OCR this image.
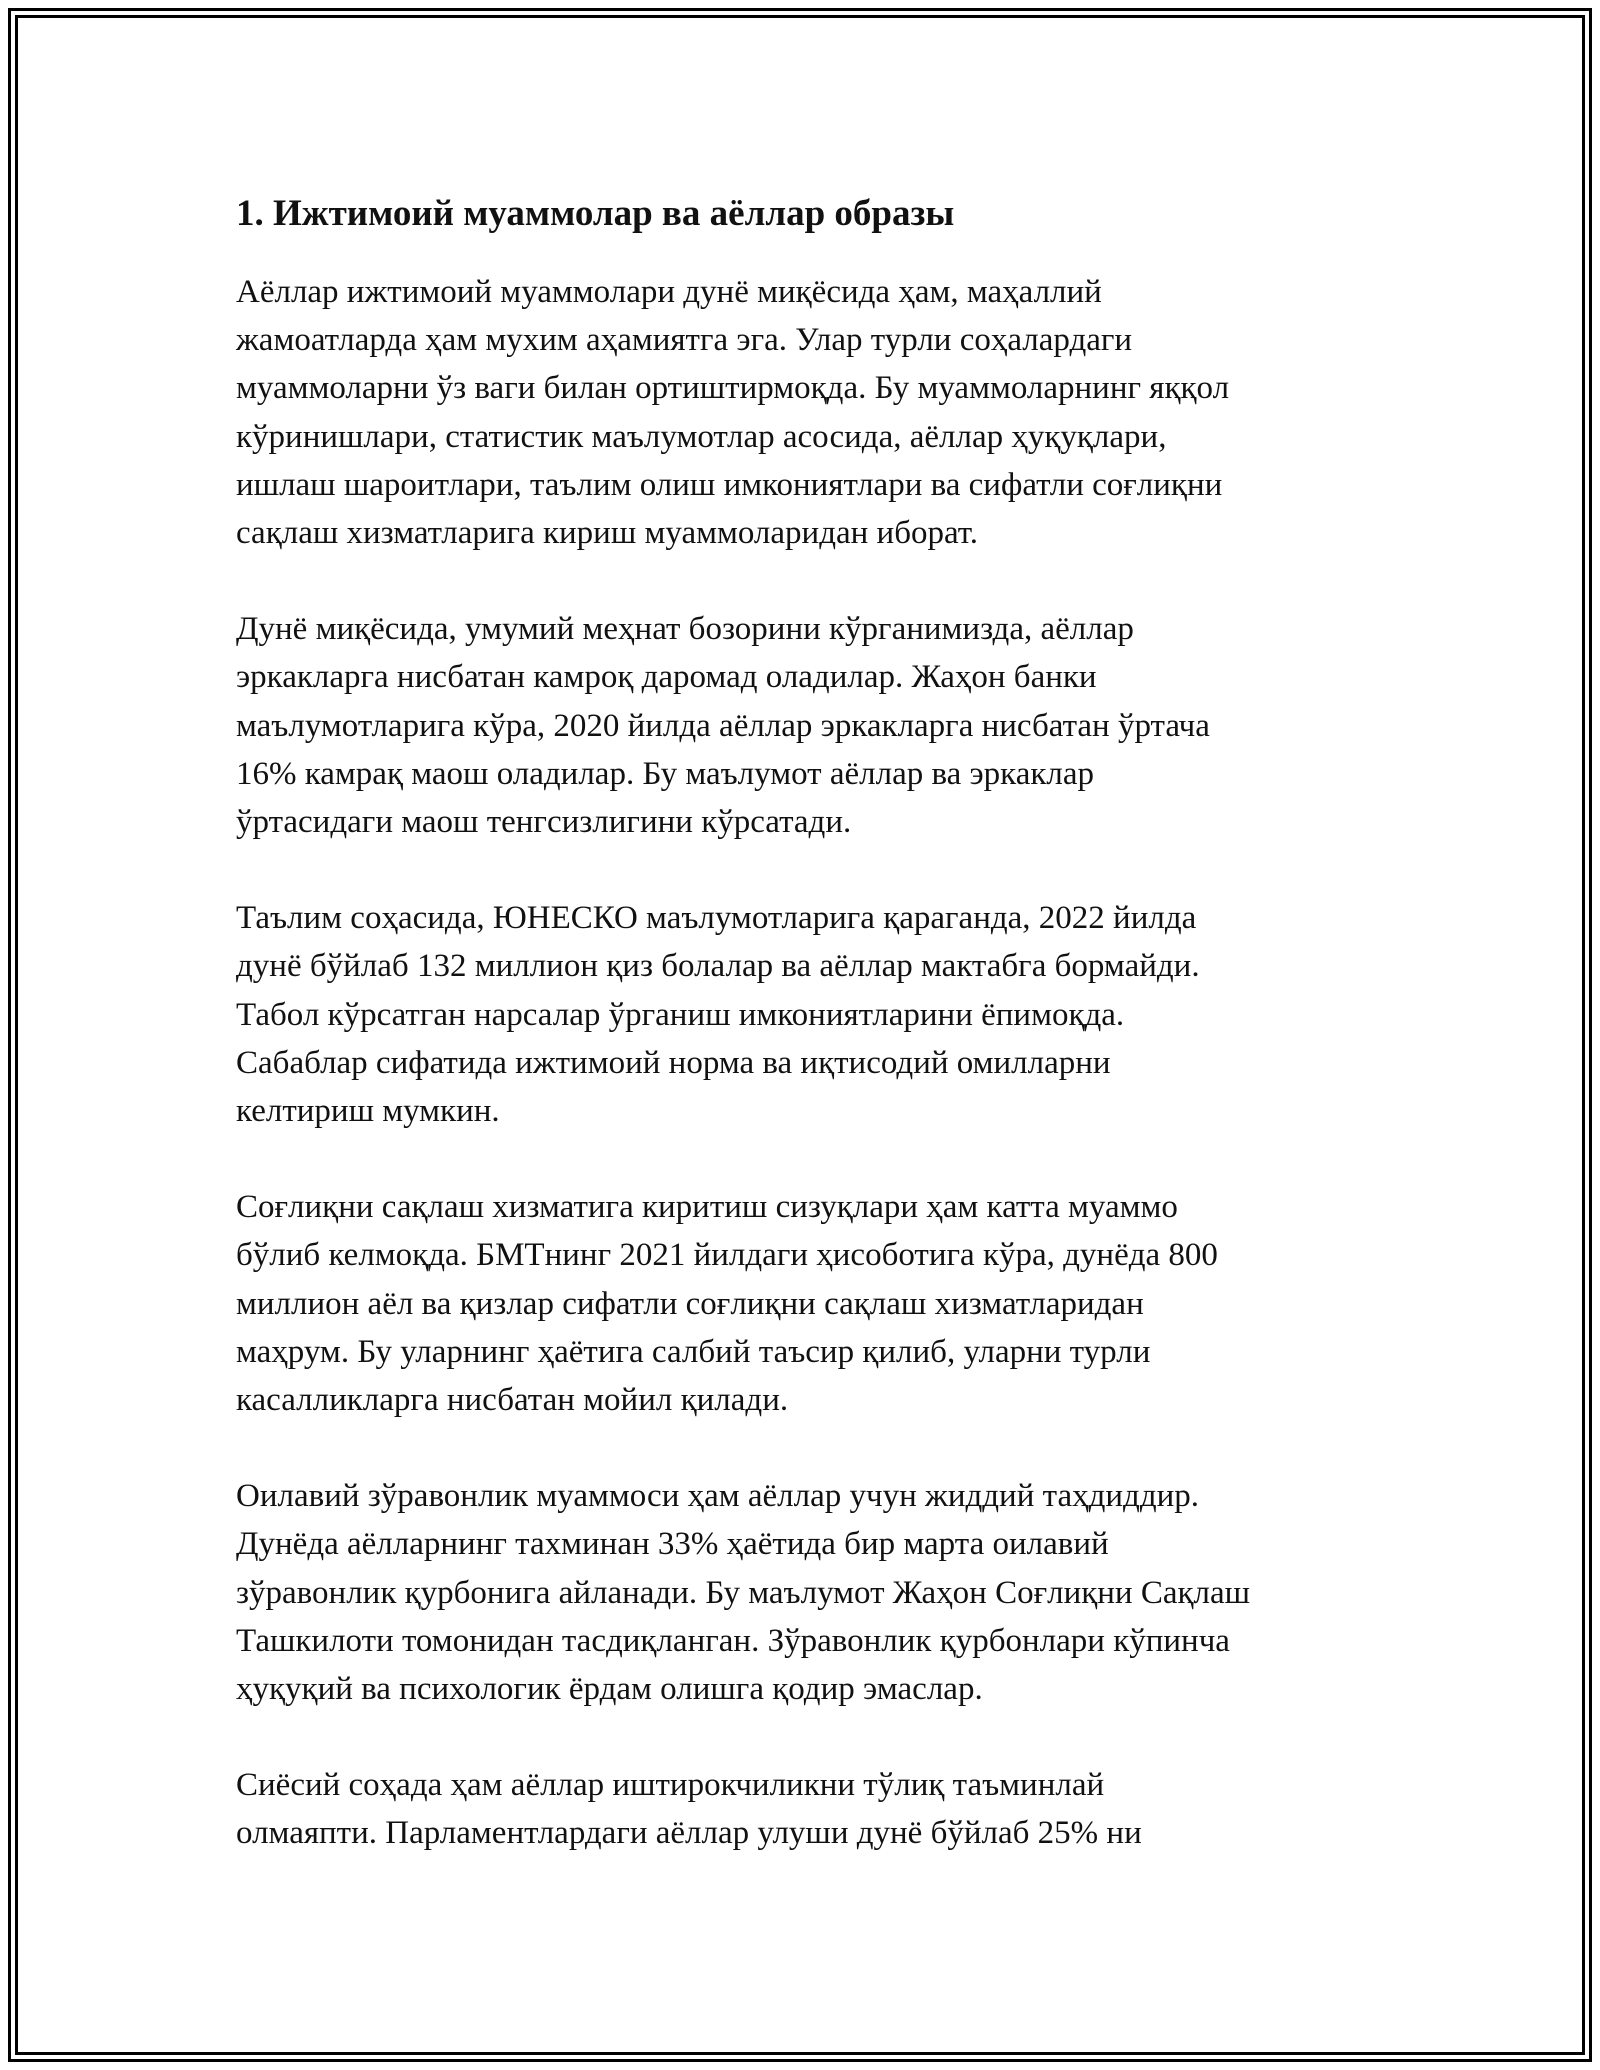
1. Ижтимоий муаммолар ва аёллар образы

Аёллар ижтимоий муаммолари дунё миқёсида ҳам, маҳаллий
жамоатларда ҳам мухим аҳамиятга эга. Улар турли соҳалардаги
муаммоларни ўз ваги билан ортиштирмоқда. Бу муаммоларнинг яққол
кўринишлари, статистик маълумотлар асосида, аёллар ҳуқуқлари,
ишлаш шароитлари, таълим олиш имкониятлари ва сифатли соғлиқни
сақлаш хизматларига кириш муаммоларидан иборат.

Дунё миқёсида, умумий меҳнат бозорини кўрганимизда, аёллар
эркакларга нисбатан камроқ даромад оладилар. Жаҳон банки
маълумотларига кўра, 2020 йилда аёллар эркакларга нисбатан ўртача
16% камрақ маош оладилар. Бу маълумот аёллар ва эркаклар
ўртасидаги маош тенгсизлигини кўрсатади.

Таълим соҳасида, ЮНЕСКО маълумотларига қараганда, 2022 йилда
дунё бўйлаб 132 миллион қиз болалар ва аёллар мактабга бормайди.
Табол кўрсатган нарсалар ўрганиш имкониятларини ёпимоқда.
Сабаблар сифатида ижтимоий норма ва иқтисодий омилларни
келтириш мумкин.

Соғлиқни сақлаш хизматига киритиш сизуқлари ҳам катта муаммо
бўлиб келмоқда. БМТнинг 2021 йилдаги ҳисоботига кўра, дунёда 800
миллион аёл ва қизлар сифатли соғлиқни сақлаш хизматларидан
маҳрум. Бу уларнинг ҳаётига салбий таъсир қилиб, уларни турли
касалликларга нисбатан мойил қилади.

Оилавий зўравонлик муаммоси ҳам аёллар учун жиддий таҳдиддир.
Дунёда аёлларнинг тахминан 33% ҳаётида бир марта оилавий
зўравонлик қурбонига айланади. Бу маълумот Жаҳон Соғлиқни Сақлаш
Ташкилоти томонидан тасдиқланган. Зўравонлик қурбонлари кўпинча
ҳуқуқий ва психологик ёрдам олишга қодир эмаслар.

Сиёсий соҳада ҳам аёллар иштирокчиликни тўлиқ таъминлай
олмаяпти. Парламентлардаги аёллар улуши дунё бўйлаб 25% ни
